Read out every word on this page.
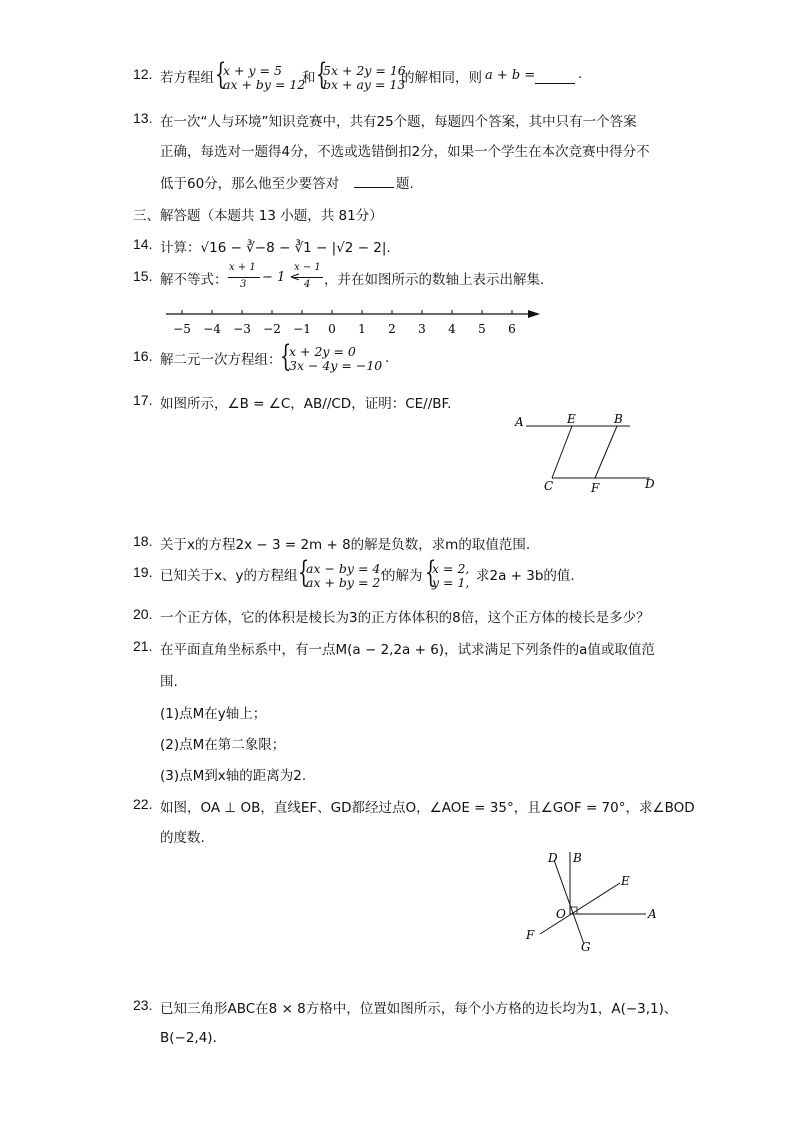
12. 若方程组 {
x + y = 5
ax + by = 12
和 {
5x + 2y = 16
bx + ay = 13
的解相同，则 a + b =	.
13. 在一次“人与环境”知识竞赛中，共有25个题，每题四个答案，其中只有一个答案
正确，每选对一题得4分，不选或选错倒扣2分，如果一个学生在本次竞赛中得分不
低于60分，那么他至少要答对	题.
三、解答题（本题共 13 小题，共 81分）
14. 计算：√16 − ∛−8 − ∛1 − |√2 − 2|.
15. 解不等式：
x + 1
3 − 1 <
x − 1
4 ，并在如图所示的数轴上表示出解集.
−5 −4 −3 −2 −1 0 1 2 3 4 5 6
16. 解二元一次方程组：
{
x + 2y = 0
3x − 4y = −10 .
17. 如图所示，∠B = ∠C，AB//CD，证明：CE//BF.
A	E	B
C	F	D
18. 关于x的方程2x − 3 = 2m + 8的解是负数，求m的取值范围.
19. 已知关于x、y的方程组 {
ax − by = 4,
ax + by = 2 的解为 {
x = 2,
y = 1, 求2a + 3b的值.
20. 一个正方体，它的体积是棱长为3的正方体体积的8倍，这个正方体的棱长是多少？
21. 在平面直角坐标系中，有一点M(a − 2,2a + 6)，试求满足下列条件的a值或取值范
围.
(1)点M在y轴上；
(2)点M在第二象限；
(3)点M到x轴的距离为2.
22. 如图，OA ⊥ OB，直线EF、GD都经过点O，∠AOE = 35°，且∠GOF = 70°，求∠BOD
的度数.
D B
E
O	A
F
G
23. 已知三角形ABC在8 × 8方格中，位置如图所示，每个小方格的边长均为1，A(−3,1)、
B(−2,4).
